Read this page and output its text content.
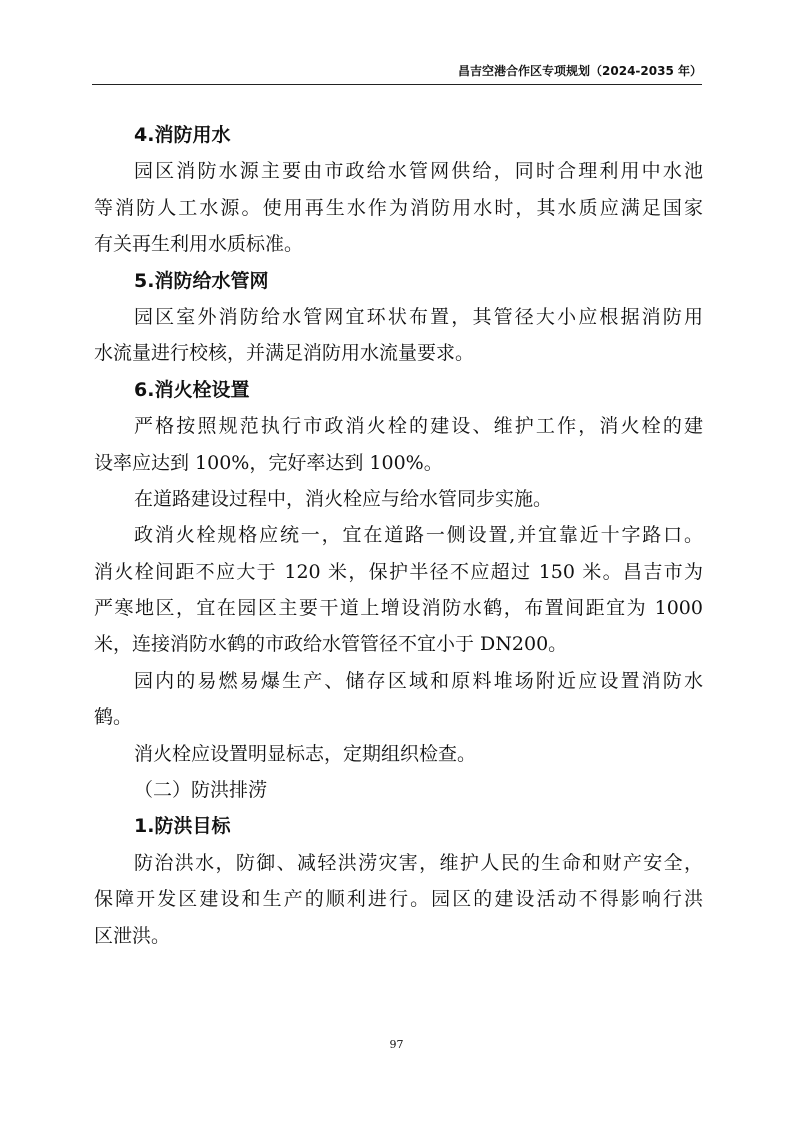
昌吉空港合作区专项规划（2024-2035 年）
4.消防用水
园区消防水源主要由市政给水管网供给，同时合理利用中水池
等消防人工水源。使用再生水作为消防用水时，其水质应满足国家
有关再生利用水质标准。
5.消防给水管网
园区室外消防给水管网宜环状布置，其管径大小应根据消防用
水流量进行校核，并满足消防用水流量要求。
6.消火栓设置
严格按照规范执行市政消火栓的建设、维护工作，消火栓的建
设率应达到 100%，完好率达到 100%。
在道路建设过程中，消火栓应与给水管同步实施。
政消火栓规格应统一，宜在道路一侧设置,并宜靠近十字路口。
消火栓间距不应大于 120 米，保护半径不应超过 150 米。昌吉市为
严寒地区，宜在园区主要干道上增设消防水鹤，布置间距宜为 1000
米，连接消防水鹤的市政给水管管径不宜小于 DN200。
园内的易燃易爆生产、储存区域和原料堆场附近应设置消防水
鹤。
消火栓应设置明显标志，定期组织检查。
（二）防洪排涝
1.防洪目标
防治洪水，防御、减轻洪涝灾害，维护人民的生命和财产安全，
保障开发区建设和生产的顺利进行。园区的建设活动不得影响行洪
区泄洪。
97
